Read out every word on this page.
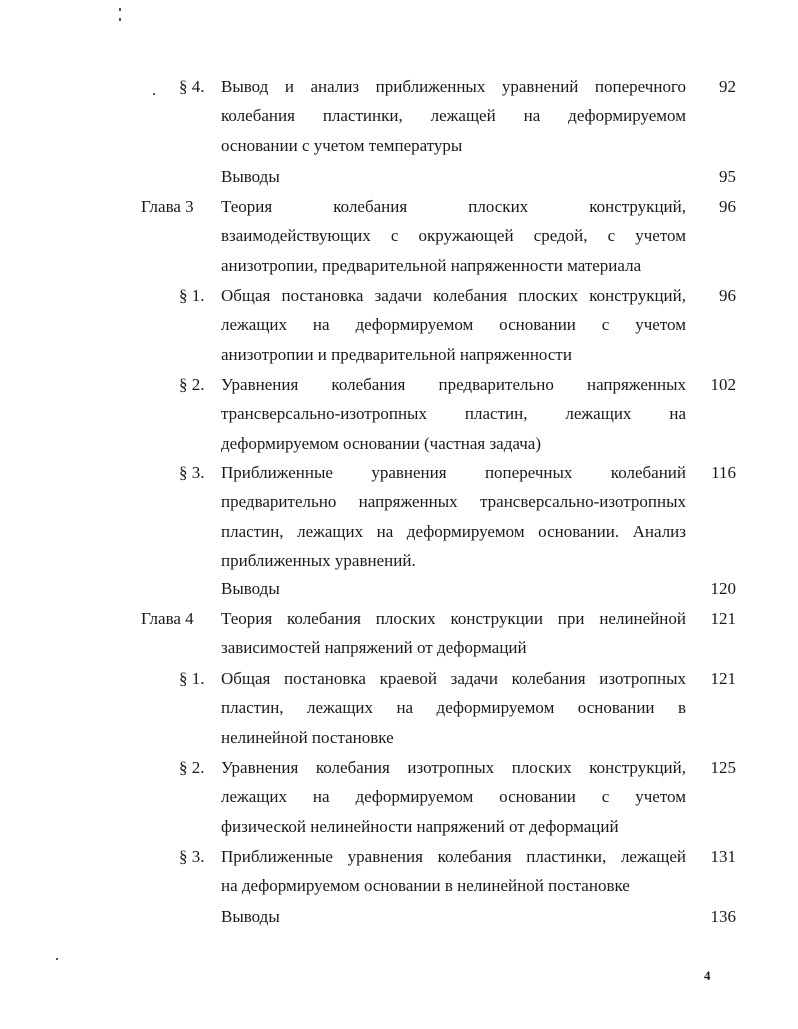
§ 4. Вывод и анализ приближенных уравнений поперечного
колебания пластинки, лежащей на деформируемом
основании с учетом температуры
92
Выводы	95
Глава 3 Теория колебания плоских конструкций,
взаимодействующих с окружающей средой, с учетом
анизотропии, предварительной напряженности материала
96
§ 1. Общая постановка задачи колебания плоских конструкций,
лежащих на деформируемом основании с учетом
анизотропии и предварительной напряженности
96
§ 2. Уравнения колебания предварительно напряженных
трансверсально-изотропных пластин, лежащих на
деформируемом основании (частная задача)
102
§ 3. Приближенные уравнения поперечных колебаний
предварительно напряженных трансверсально-изотропных
пластин, лежащих на деформируемом основании. Анализ
приближенных уравнений.
116
Выводы	120
Глава 4 Теория колебания плоских конструкции при нелинейной
зависимостей напряжений от деформаций
121
§ 1. Общая постановка краевой задачи колебания изотропных
пластин, лежащих на деформируемом основании в
нелинейной постановке
121
§ 2. Уравнения колебания изотропных плоских конструкций,
лежащих на деформируемом основании с учетом
физической нелинейности напряжений от деформаций
125
§ 3. Приближенные уравнения колебания пластинки, лежащей
на деформируемом основании в нелинейной постановке
131
Выводы	136
4
